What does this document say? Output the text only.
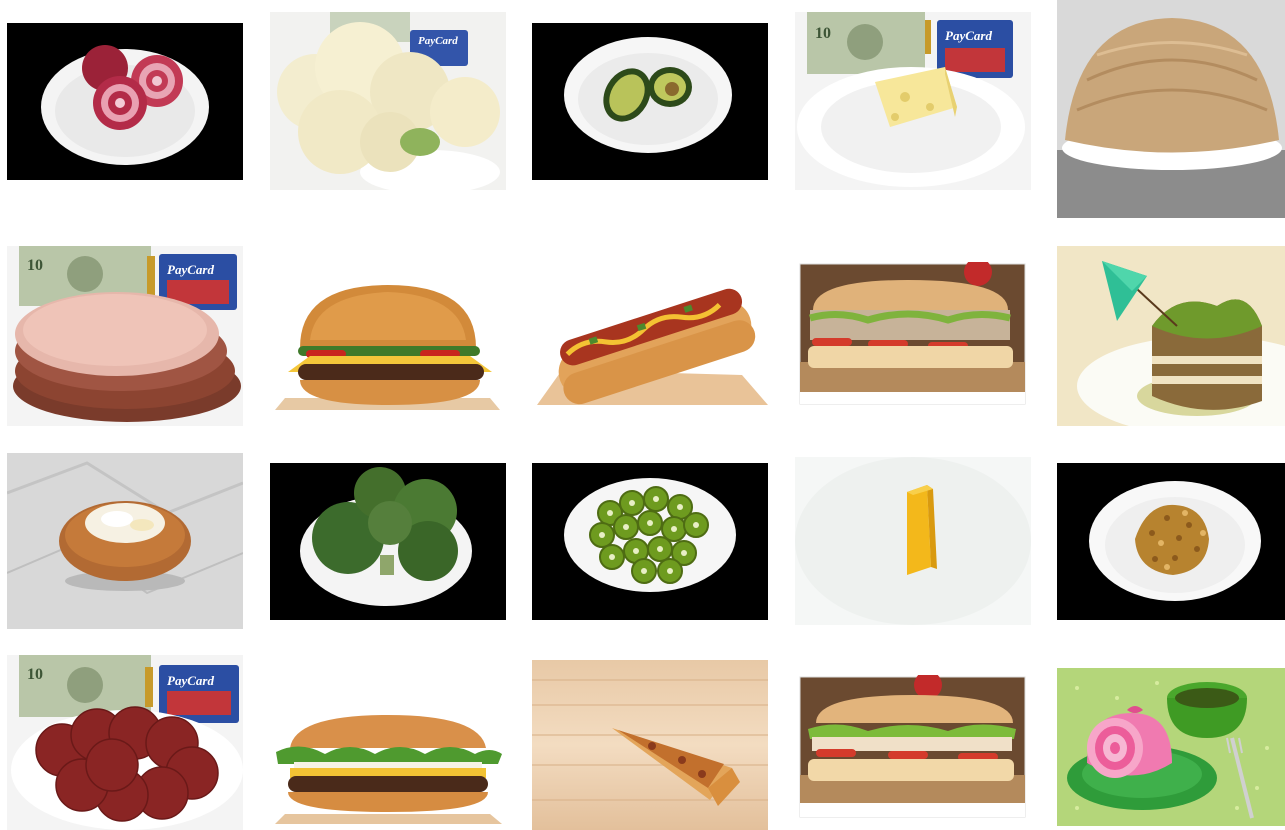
PayCard	10	PayCard
10	PayCard
10	PayCard
